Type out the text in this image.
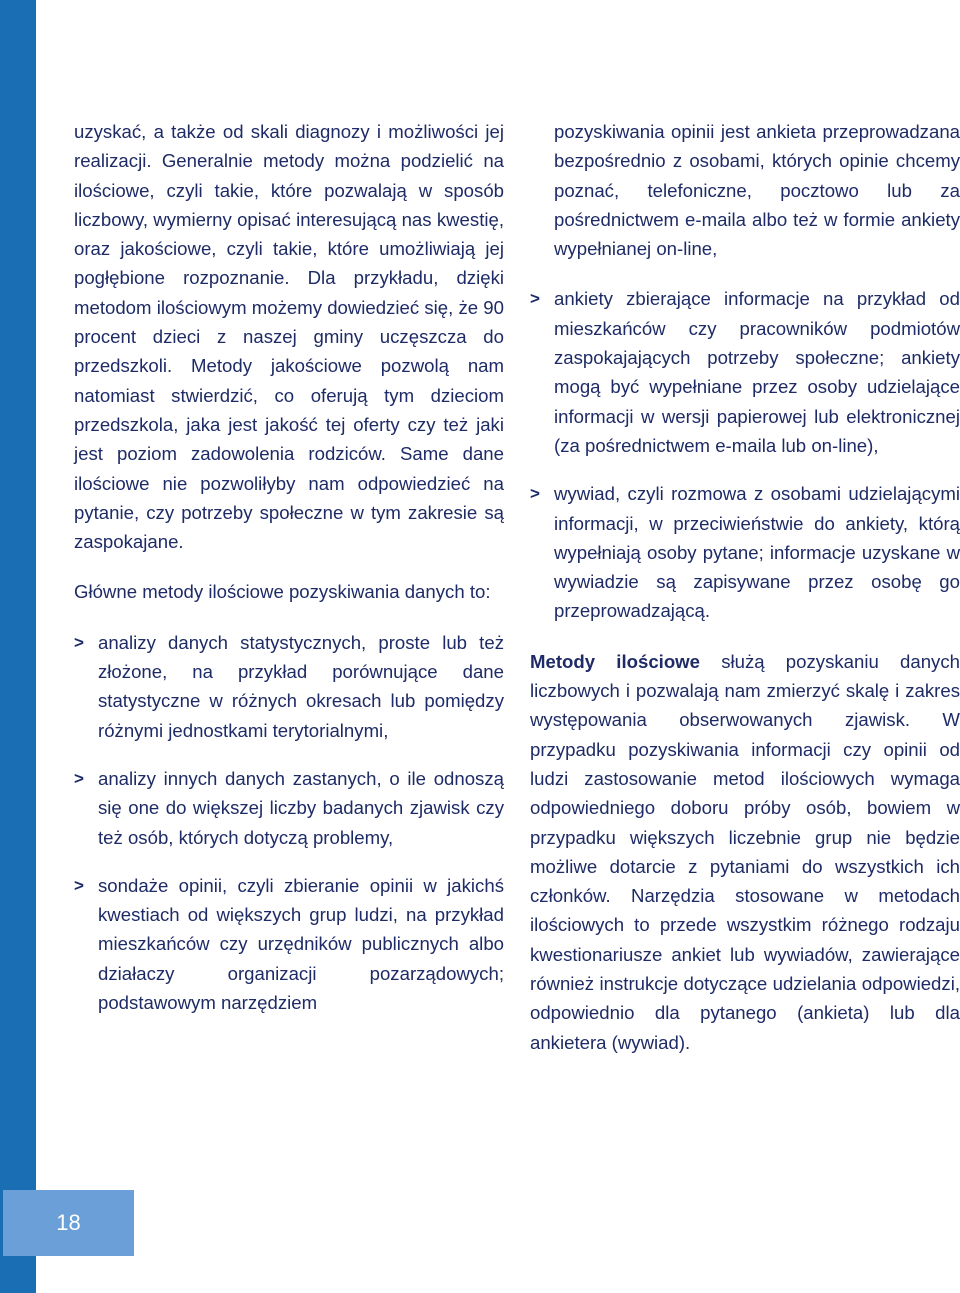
18

uzyskać, a także od skali diagnozy i możliwości jej realizacji. Generalnie metody można podzielić na ilościowe, czyli takie, które pozwalają w sposób liczbowy, wymierny opisać interesującą nas kwestię, oraz jakościowe, czyli takie, które umożliwiają jej pogłębione rozpoznanie. Dla przykładu, dzięki metodom ilościowym możemy dowiedzieć się, że 90 procent dzieci z naszej gminy uczęszcza do przedszkoli. Metody jakościowe pozwolą nam natomiast stwierdzić, co oferują tym dzieciom przedszkola, jaka jest jakość tej oferty czy też jaki jest poziom zadowolenia rodziców. Same dane ilościowe nie pozwoliłyby nam odpowiedzieć na pytanie, czy potrzeby społeczne w tym zakresie są zaspokajane.

Główne metody ilościowe pozyskiwania danych to:

> analizy danych statystycznych, proste lub też złożone, na przykład porównujące dane statystyczne w różnych okresach lub pomiędzy różnymi jednostkami terytorialnymi,
> analizy innych danych zastanych, o ile odnoszą się one do większej liczby badanych zjawisk czy też osób, których dotyczą problemy,
> sondaże opinii, czyli zbieranie opinii w jakichś kwestiach od większych grup ludzi, na przykład mieszkańców czy urzędników publicznych albo działaczy organizacji pozarządowych; podstawowym narzędziem

pozyskiwania opinii jest ankieta przeprowadzana bezpośrednio z osobami, których opinie chcemy poznać, telefoniczne, pocztowo lub za pośrednictwem e-maila albo też w formie ankiety wypełnianej on-line,

> ankiety zbierające informacje na przykład od mieszkańców czy pracowników podmiotów zaspokajających potrzeby społeczne; ankiety mogą być wypełniane przez osoby udzielające informacji w wersji papierowej lub elektronicznej (za pośrednictwem e-maila lub on-line),
> wywiad, czyli rozmowa z osobami udzielającymi informacji, w przeciwieństwie do ankiety, którą wypełniają osoby pytane; informacje uzyskane w wywiadzie są zapisywane przez osobę go przeprowadzającą.

Metody ilościowe służą pozyskaniu danych liczbowych i pozwalają nam zmierzyć skalę i zakres występowania obserwowanych zjawisk. W przypadku pozyskiwania informacji czy opinii od ludzi zastosowanie metod ilościowych wymaga odpowiedniego doboru próby osób, bowiem w przypadku większych liczebnie grup nie będzie możliwe dotarcie z pytaniami do wszystkich ich członków. Narzędzia stosowane w metodach ilościowych to przede wszystkim różnego rodzaju kwestionariusze ankiet lub wywiadów, zawierające również instrukcje dotyczące udzielania odpowiedzi, odpowiednio dla pytanego (ankieta) lub dla ankietera (wywiad).
